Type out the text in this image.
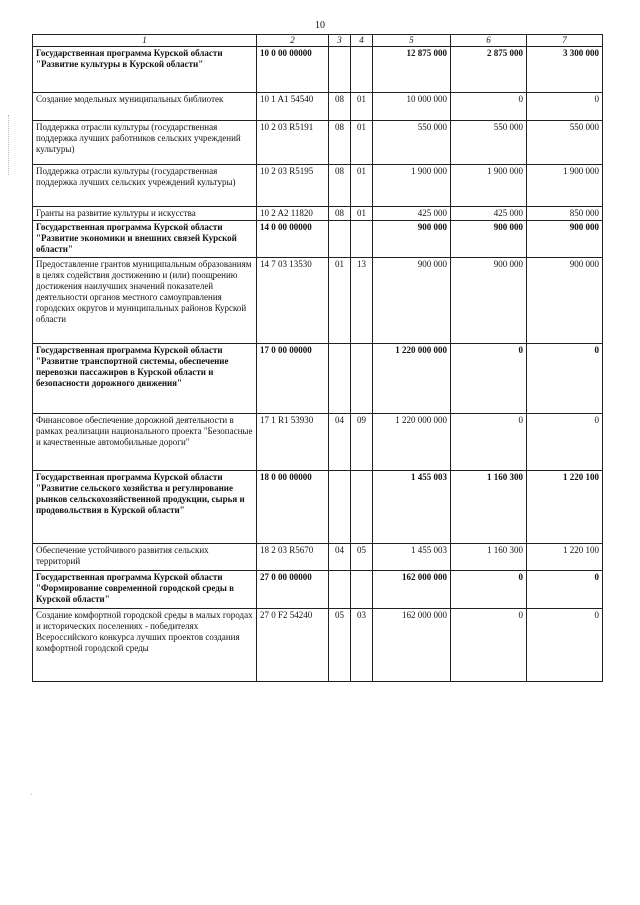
10
1	2	3	4	5	6	7
Государственная программа Курской области "Развитие культуры в Курской области"	10 0 00 00000			12 875 000	2 875 000	3 300 000
Создание модельных муниципальных библиотек	10 1 A1 54540	08	01	10 000 000	0	0
Поддержка отрасли культуры (государственная поддержка лучших работников сельских учреждений культуры)	10 2 03 R5191	08	01	550 000	550 000	550 000
Поддержка отрасли культуры (государственная поддержка лучших сельских учреждений культуры)	10 2 03 R5195	08	01	1 900 000	1 900 000	1 900 000
Гранты на развитие культуры и искусства	10 2 A2 11820	08	01	425 000	425 000	850 000
Государственная программа Курской области "Развитие экономики и внешних связей Курской области"	14 0 00 00000			900 000	900 000	900 000
Предоставление грантов муниципальным образованиям в целях содействия достижению и (или) поощрению достижения наилучших значений показателей деятельности органов местного самоуправления городских округов и муниципальных районов Курской области	14 7 03 13530	01	13	900 000	900 000	900 000
Государственная программа Курской области "Развитие транспортной системы, обеспечение перевозки пассажиров в Курской области и безопасности дорожного движения"	17 0 00 00000			1 220 000 000	0	0
Финансовое обеспечение дорожной деятельности в рамках реализации национального проекта "Безопасные и качественные автомобильные дороги"	17 1 R1 53930	04	09	1 220 000 000	0	0
Государственная программа Курской области "Развитие сельского хозяйства и регулирование рынков сельскохозяйственной продукции, сырья и продовольствия в Курской области"	18 0 00 00000			1 455 003	1 160 300	1 220 100
Обеспечение устойчивого развития сельских территорий	18 2 03 R5670	04	05	1 455 003	1 160 300	1 220 100
Государственная программа Курской области "Формирование современной городской среды в Курской области"	27 0 00 00000			162 000 000	0	0
Создание комфортной городской среды в малых городах и исторических поселениях - победителях Всероссийского конкурса лучших проектов создания комфортной городской среды	27 0 F2 54240	05	03	162 000 000	0	0
·
